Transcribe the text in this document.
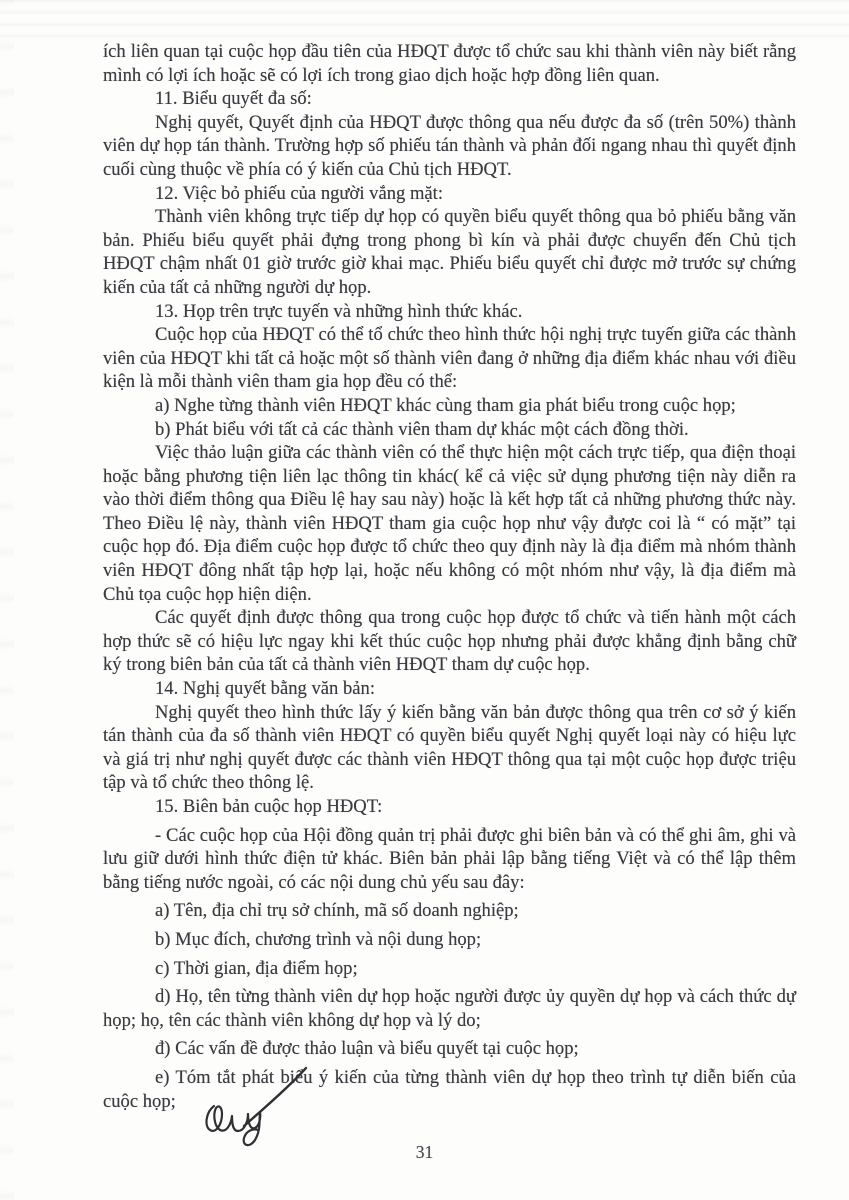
ích liên quan tại cuộc họp đầu tiên của HĐQT được tổ chức sau khi thành viên này biết rằng mình có lợi ích hoặc sẽ có lợi ích trong giao dịch hoặc hợp đồng liên quan.

11. Biểu quyết đa số:

Nghị quyết, Quyết định của HĐQT được thông qua nếu được đa số (trên 50%) thành viên dự họp tán thành. Trường hợp số phiếu tán thành và phản đối ngang nhau thì quyết định cuối cùng thuộc về phía có ý kiến của Chủ tịch HĐQT.

12. Việc bỏ phiếu của người vắng mặt:

Thành viên không trực tiếp dự họp có quyền biểu quyết thông qua bỏ phiếu bằng văn bản. Phiếu biểu quyết phải đựng trong phong bì kín và phải được chuyển đến Chủ tịch HĐQT chậm nhất 01 giờ trước giờ khai mạc. Phiếu biểu quyết chỉ được mở trước sự chứng kiến của tất cả những người dự họp.

13. Họp trên trực tuyến và những hình thức khác.

Cuộc họp của HĐQT có thể tổ chức theo hình thức hội nghị trực tuyến giữa các thành viên của HĐQT khi tất cả hoặc một số thành viên đang ở những địa điểm khác nhau với điều kiện là mỗi thành viên tham gia họp đều có thể:

a) Nghe từng thành viên HĐQT khác cùng tham gia phát biểu trong cuộc họp;

b) Phát biểu với tất cả các thành viên tham dự khác một cách đồng thời.

Việc thảo luận giữa các thành viên có thể thực hiện một cách trực tiếp, qua điện thoại hoặc bằng phương tiện liên lạc thông tin khác( kể cả việc sử dụng phương tiện này diễn ra vào thời điểm thông qua Điều lệ hay sau này) hoặc là kết hợp tất cả những phương thức này. Theo Điều lệ này, thành viên HĐQT tham gia cuộc họp như vậy được coi là “ có mặt” tại cuộc họp đó. Địa điểm cuộc họp được tổ chức theo quy định này là địa điểm mà nhóm thành viên HĐQT đông nhất tập hợp lại, hoặc nếu không có một nhóm như vậy, là địa điểm mà Chủ tọa cuộc họp hiện diện.

Các quyết định được thông qua trong cuộc họp được tổ chức và tiến hành một cách hợp thức sẽ có hiệu lực ngay khi kết thúc cuộc họp nhưng phải được khẳng định bằng chữ ký trong biên bản của tất cả thành viên HĐQT tham dự cuộc họp.

14. Nghị quyết bằng văn bản:

Nghị quyết theo hình thức lấy ý kiến bằng văn bản được thông qua trên cơ sở ý kiến tán thành của đa số thành viên HĐQT có quyền biểu quyết Nghị quyết loại này có hiệu lực và giá trị như nghị quyết được các thành viên HĐQT thông qua tại một cuộc họp được triệu tập và tổ chức theo thông lệ.

15. Biên bản cuộc họp HĐQT:

- Các cuộc họp của Hội đồng quản trị phải được ghi biên bản và có thể ghi âm, ghi và lưu giữ dưới hình thức điện tử khác. Biên bản phải lập bằng tiếng Việt và có thể lập thêm bằng tiếng nước ngoài, có các nội dung chủ yếu sau đây:

a) Tên, địa chỉ trụ sở chính, mã số doanh nghiệp;

b) Mục đích, chương trình và nội dung họp;

c) Thời gian, địa điểm họp;

d) Họ, tên từng thành viên dự họp hoặc người được ủy quyền dự họp và cách thức dự họp; họ, tên các thành viên không dự họp và lý do;

đ) Các vấn đề được thảo luận và biểu quyết tại cuộc họp;

e) Tóm tắt phát biểu ý kiến của từng thành viên dự họp theo trình tự diễn biến của cuộc họp;

31
